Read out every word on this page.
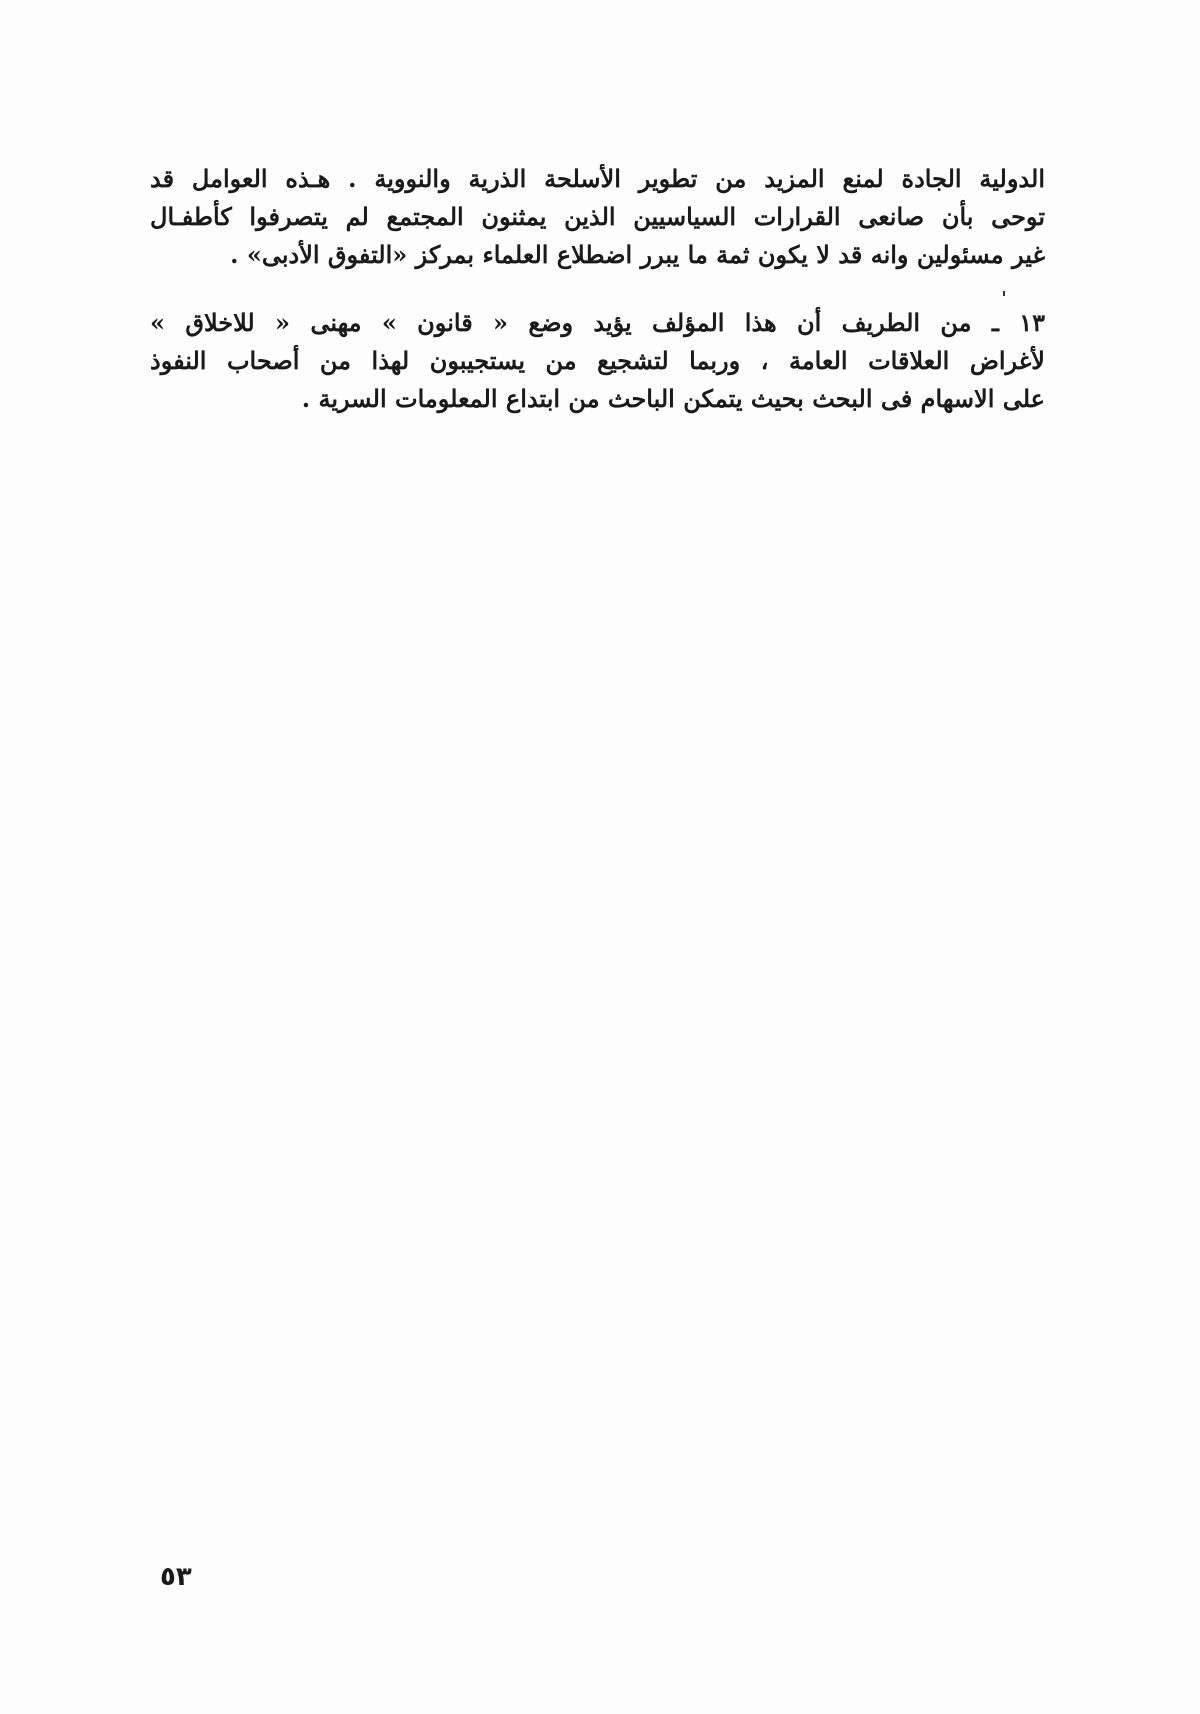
الدولية الجادة لمنع المزيد من تطوير الأسلحة الذرية والنووية . هـذه العوامل قد
توحى بأن صانعى القرارات السياسيين الذين يمثنون المجتمع لم يتصرفوا كأطفـال
غير مسئولين وانه قد لا يكون ثمة ما يبرر اضطلاع العلماء بمركز «التفوق الأدبى» .

١٣ ـ من الطريف أن هذا المؤلف يؤيد وضع « قانون » مهنى « للاخلاق »
لأغراض العلاقات العامة ، وربما لتشجيع من يستجيبون لهذا من أصحاب النفوذ
على الاسهام فى البحث بحيث يتمكن الباحث من ابتداع المعلومات السرية .

٥٣
